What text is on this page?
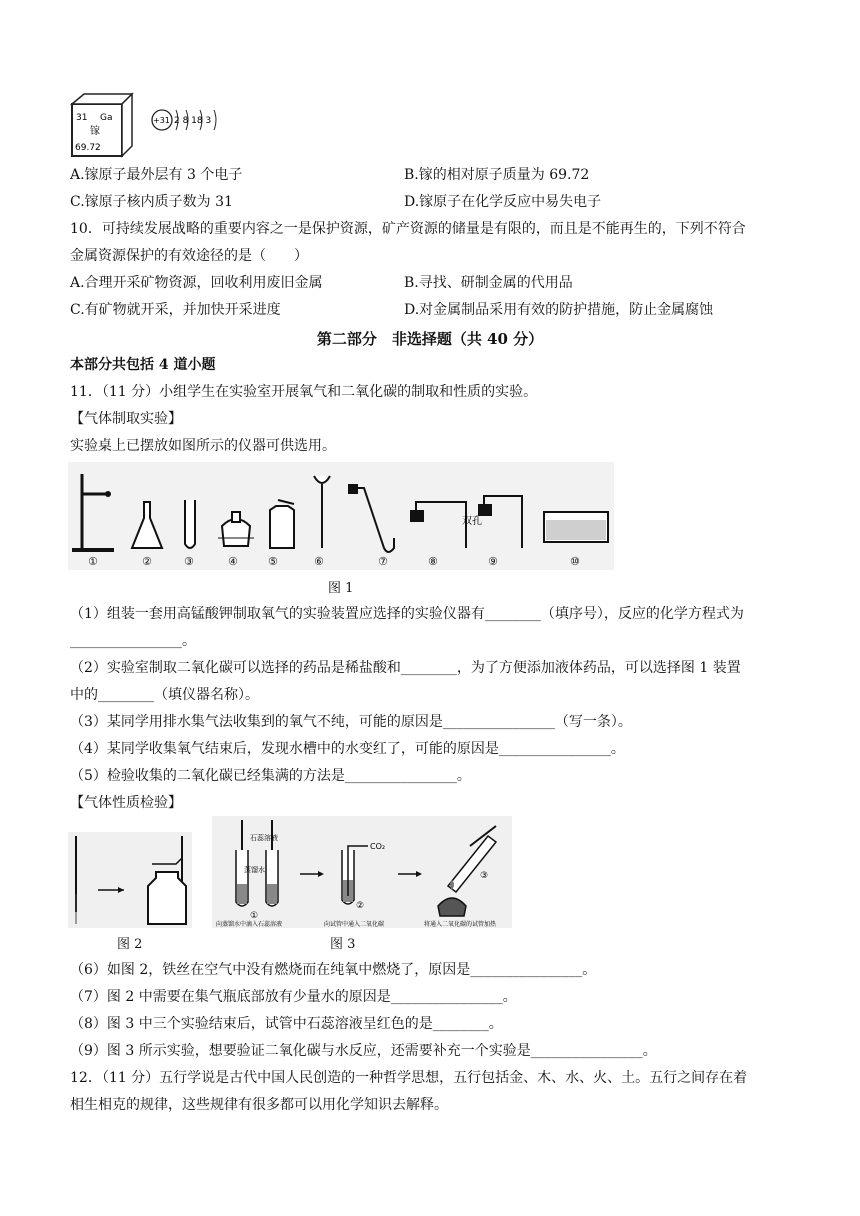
31 Ga
镓
69.72
+31 2 8 18 3
A.镓原子最外层有 3 个电子	B.镓的相对原子质量为 69.72
C.镓原子核内质子数为 31	D.镓原子在化学反应中易失电子
10．可持续发展战略的重要内容之一是保护资源，矿产资源的储量是有限的，而且是不能再生的，下列不符合
金属资源保护的有效途径的是（　　）
A.合理开采矿物资源，回收利用废旧金属	B.寻找、研制金属的代用品
C.有矿物就开采，并加快开采进度	D.对金属制品采用有效的防护措施，防止金属腐蚀
第二部分　非选择题（共 40 分）
本部分共包括 4 道小题
11．（11 分）小组学生在实验室开展氧气和二氧化碳的制取和性质的实验。
【气体制取实验】
实验桌上已摆放如图所示的仪器可供选用。
双孔
①	②	③	④	⑤	⑥	⑦	⑧	⑨	⑩
图 1
（1）组装一套用高锰酸钾制取氧气的实验装置应选择的实验仪器有________（填序号），反应的化学方程式为
________________。
（2）实验室制取二氧化碳可以选择的药品是稀盐酸和________，为了方便添加液体药品，可以选择图 1 装置
中的________（填仪器名称）。
（3）某同学用排水集气法收集到的氧气不纯，可能的原因是________________（写一条）。
（4）某同学收集氧气结束后，发现水槽中的水变红了，可能的原因是________________。
（5）检验收集的二氧化碳已经集满的方法是________________。
【气体性质检验】
图 2
石蕊溶液
蒸馏水
①
向蒸馏水中滴入石蕊溶液
CO₂
②
向试管中通入二氧化碳
③
将通入二氧化碳的试管加热
图 3
（6）如图 2，铁丝在空气中没有燃烧而在纯氧中燃烧了，原因是________________。
（7）图 2 中需要在集气瓶底部放有少量水的原因是________________。
（8）图 3 中三个实验结束后，试管中石蕊溶液呈红色的是________。
（9）图 3 所示实验，想要验证二氧化碳与水反应，还需要补充一个实验是________________。
12．（11 分）五行学说是古代中国人民创造的一种哲学思想，五行包括金、木、水、火、土。五行之间存在着
相生相克的规律，这些规律有很多都可以用化学知识去解释。
